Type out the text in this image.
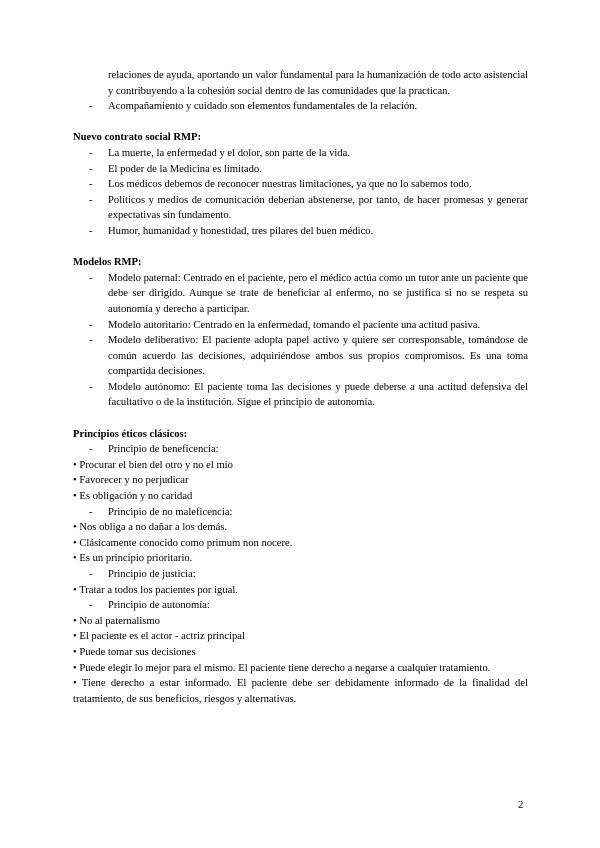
relaciones de ayuda, aportando un valor fundamental para la humanización de todo acto asistencial y contribuyendo a la cohesión social dentro de las comunidades que la practican.
- Acompañamiento y cuidado son elementos fundamentales de la relación.

Nuevo contrato social RMP:

- La muerte, la enfermedad y el dolor, son parte de la vida.
- El poder de la Medicina es limitado.
- Los médicos debemos de reconocer nuestras limitaciones, ya que no lo sabemos todo.
- Políticos y medios de comunicación deberían abstenerse, por tanto, de hacer promesas y generar expectativas sin fundamento.
- Humor, humanidad y honestidad, tres pilares del buen médico.

Modelos RMP:

- Modelo paternal: Centrado en el paciente, pero el médico actúa como un tutor ante un paciente que debe ser dirigido. Aunque se trate de beneficiar al enfermo, no se justifica si no se respeta su autonomía y derecho a participar.
- Modelo autoritario: Centrado en la enfermedad, tomando el paciente una actitud pasiva.
- Modelo deliberativo: El paciente adopta papel activo y quiere ser corresponsable, tomándose de común acuerdo las decisiones, adquiriéndose ambos sus propios compromisos. Es una toma compartida decisiones.
- Modelo autónomo: El paciente toma las decisiones y puede deberse a una actitud defensiva del facultativo o de la institución. Sigue el principio de autonomía.

Principios éticos clásicos:

- Principio de beneficencia:

• Procurar el bien del otro y no el mío

• Favorecer y no perjudicar

• Es obligación y no caridad

- Principio de no maleficencia:

• Nos obliga a no dañar a los demás.

• Clásicamente conocido como primum non nocere.

• Es un principio prioritario.

- Principio de justicia:

• Tratar a todos los pacientes por igual.

- Principio de autonomía:

• No al paternalismo

• El paciente es el actor - actriz principal

• Puede tomar sus decisiones

• Puede elegir lo mejor para el mismo. El paciente tiene derecho a negarse a cualquier tratamiento.

• Tiene derecho a estar informado. El paciente debe ser debidamente informado de la finalidad del tratamiento, de sus beneficios, riesgos y alternativas.

2
